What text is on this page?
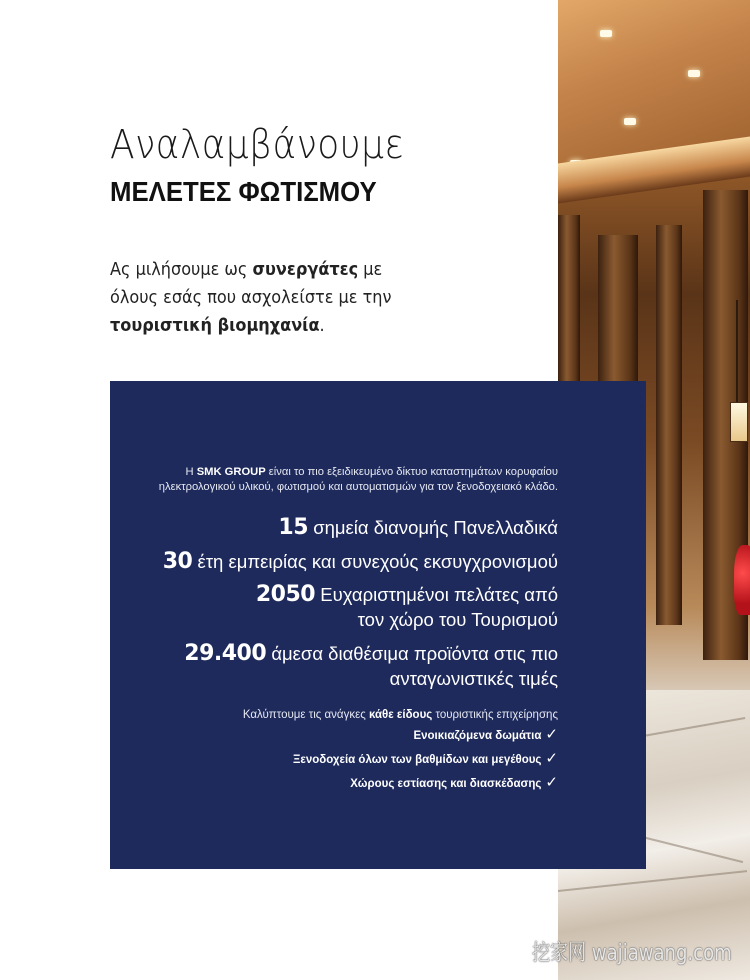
Αναλαμβάνουμε
ΜΕΛΕΤΕΣ ΦΩΤΙΣΜΟΥ

Ας μιλήσουμε ως συνεργάτες με όλους εσάς που ασχολείστε με την τουριστική βιομηχανία.

Η SMK GROUP είναι το πιο εξειδικευμένο δίκτυο καταστημάτων κορυφαίου ηλεκτρολογικού υλικού, φωτισμού και αυτοματισμών για τον ξενοδοχειακό κλάδο.

15 σημεία διανομής Πανελλαδικά
30 έτη εμπειρίας και συνεχούς εκσυγχρονισμού
2050 Ευχαριστημένοι πελάτες από
τον χώρο του Τουρισμού
29.400 άμεσα διαθέσιμα προϊόντα στις πιο
ανταγωνιστικές τιμές
Καλύπτουμε τις ανάγκες κάθε είδους τουριστικής επιχείρησης
Ενοικιαζόμενα δωμάτια ✓
Ξενοδοχεία όλων των βαθμίδων και μεγέθους ✓
Χώρους εστίασης και διασκέδασης ✓
挖家网 wajiawang.com
